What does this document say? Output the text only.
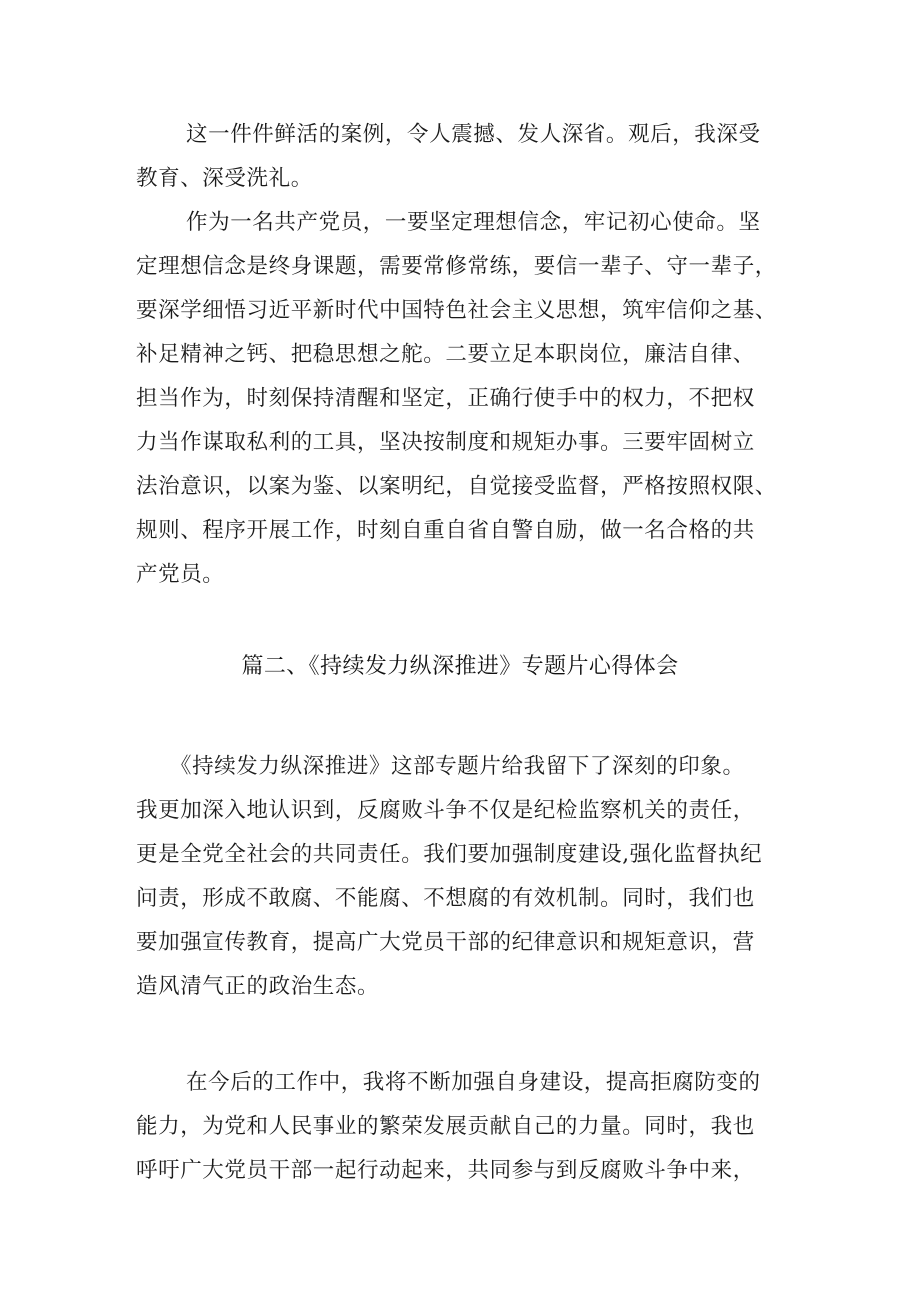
这一件件鲜活的案例，令人震撼、发人深省。观后，我深受
教育、深受洗礼。
作为一名共产党员，一要坚定理想信念，牢记初心使命。坚
定理想信念是终身课题，需要常修常练，要信一辈子、守一辈子，
要深学细悟习近平新时代中国特色社会主义思想，筑牢信仰之基、
补足精神之钙、把稳思想之舵。二要立足本职岗位，廉洁自律、
担当作为，时刻保持清醒和坚定，正确行使手中的权力，不把权
力当作谋取私利的工具，坚决按制度和规矩办事。三要牢固树立
法治意识，以案为鉴、以案明纪，自觉接受监督，严格按照权限、
规则、程序开展工作，时刻自重自省自警自励，做一名合格的共
产党员。
篇二、《持续发力纵深推进》专题片心得体会
《持续发力纵深推进》这部专题片给我留下了深刻的印象。
我更加深入地认识到，反腐败斗争不仅是纪检监察机关的责任，
更是全党全社会的共同责任。我们要加强制度建设,强化监督执纪
问责，形成不敢腐、不能腐、不想腐的有效机制。同时，我们也
要加强宣传教育，提高广大党员干部的纪律意识和规矩意识，营
造风清气正的政治生态。
在今后的工作中，我将不断加强自身建设，提高拒腐防变的
能力，为党和人民事业的繁荣发展贡献自己的力量。同时，我也
呼吁广大党员干部一起行动起来，共同参与到反腐败斗争中来，
